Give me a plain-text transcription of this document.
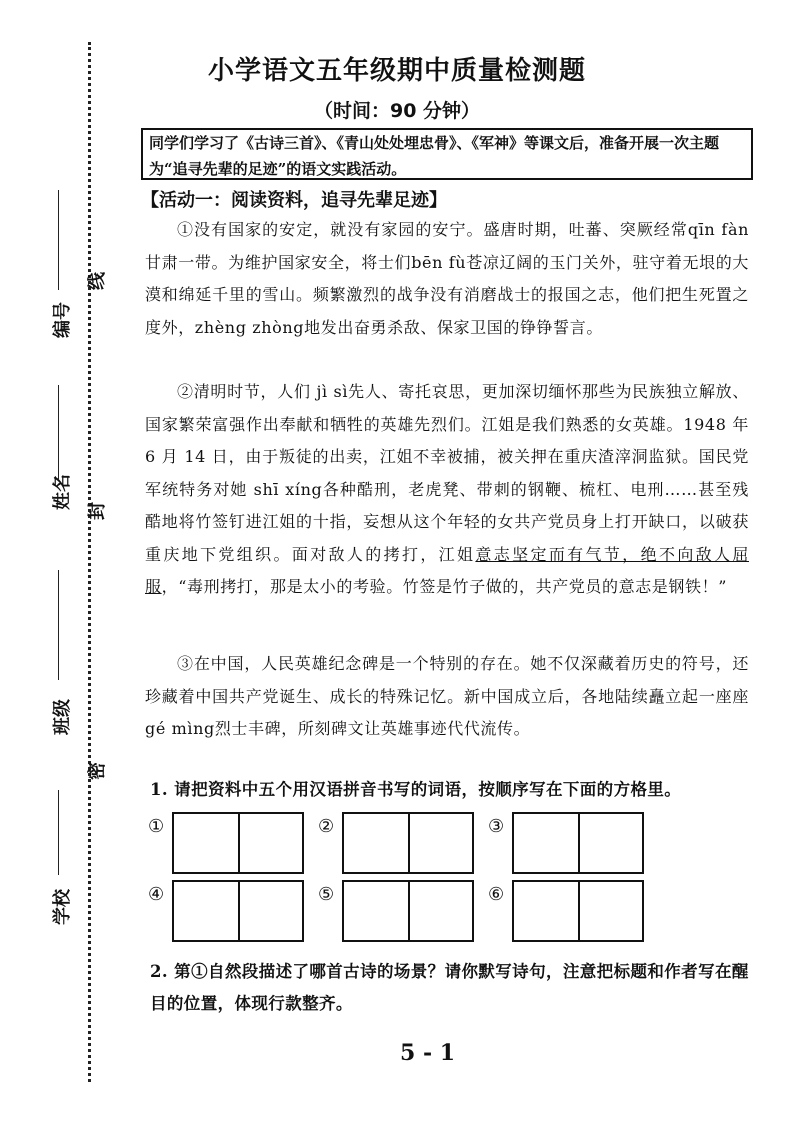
编号
线
姓名
封
班级
密
学校
小学语文五年级期中质量检测题
（时间：90 分钟）

同学们学习了《古诗三首》、《青山处处埋忠骨》、《军神》等课文后，准备开展一次主题为“追寻先辈的足迹”的语文实践活动。

【活动一：阅读资料，追寻先辈足迹】

①没有国家的安定，就没有家园的安宁。盛唐时期，吐蕃、突厥经常qīn fàn甘肃一带。为维护国家安全，将士们bēn fù苍凉辽阔的玉门关外，驻守着无垠的大漠和绵延千里的雪山。频繁激烈的战争没有消磨战士的报国之志，他们把生死置之度外，zhèng zhòng地发出奋勇杀敌、保家卫国的铮铮誓言。

②清明时节，人们 jì sì先人、寄托哀思，更加深切缅怀那些为民族独立解放、国家繁荣富强作出奉献和牺牲的英雄先烈们。江姐是我们熟悉的女英雄。1948 年 6 月 14 日，由于叛徒的出卖，江姐不幸被捕，被关押在重庆渣滓洞监狱。国民党军统特务对她 shī xíng各种酷刑，老虎凳、带刺的钢鞭、梳杠、电刑……甚至残酷地将竹签钉进江姐的十指，妄想从这个年轻的女共产党员身上打开缺口，以破获重庆地下党组织。面对敌人的拷打，江姐意志坚定而有气节，绝不向敌人屈服，“毒刑拷打，那是太小的考验。竹签是竹子做的，共产党员的意志是钢铁！”

③在中国，人民英雄纪念碑是一个特别的存在。她不仅深藏着历史的符号，还珍藏着中国共产党诞生、成长的特殊记忆。新中国成立后，各地陆续矗立起一座座gé mìng烈士丰碑，所刻碑文让英雄事迹代代流传。

1. 请把资料中五个用汉语拼音书写的词语，按顺序写在下面的方格里。

①	②	③
④	⑤	⑥

2. 第①自然段描述了哪首古诗的场景？请你默写诗句，注意把标题和作者写在醒目的位置，体现行款整齐。

5 - 1
